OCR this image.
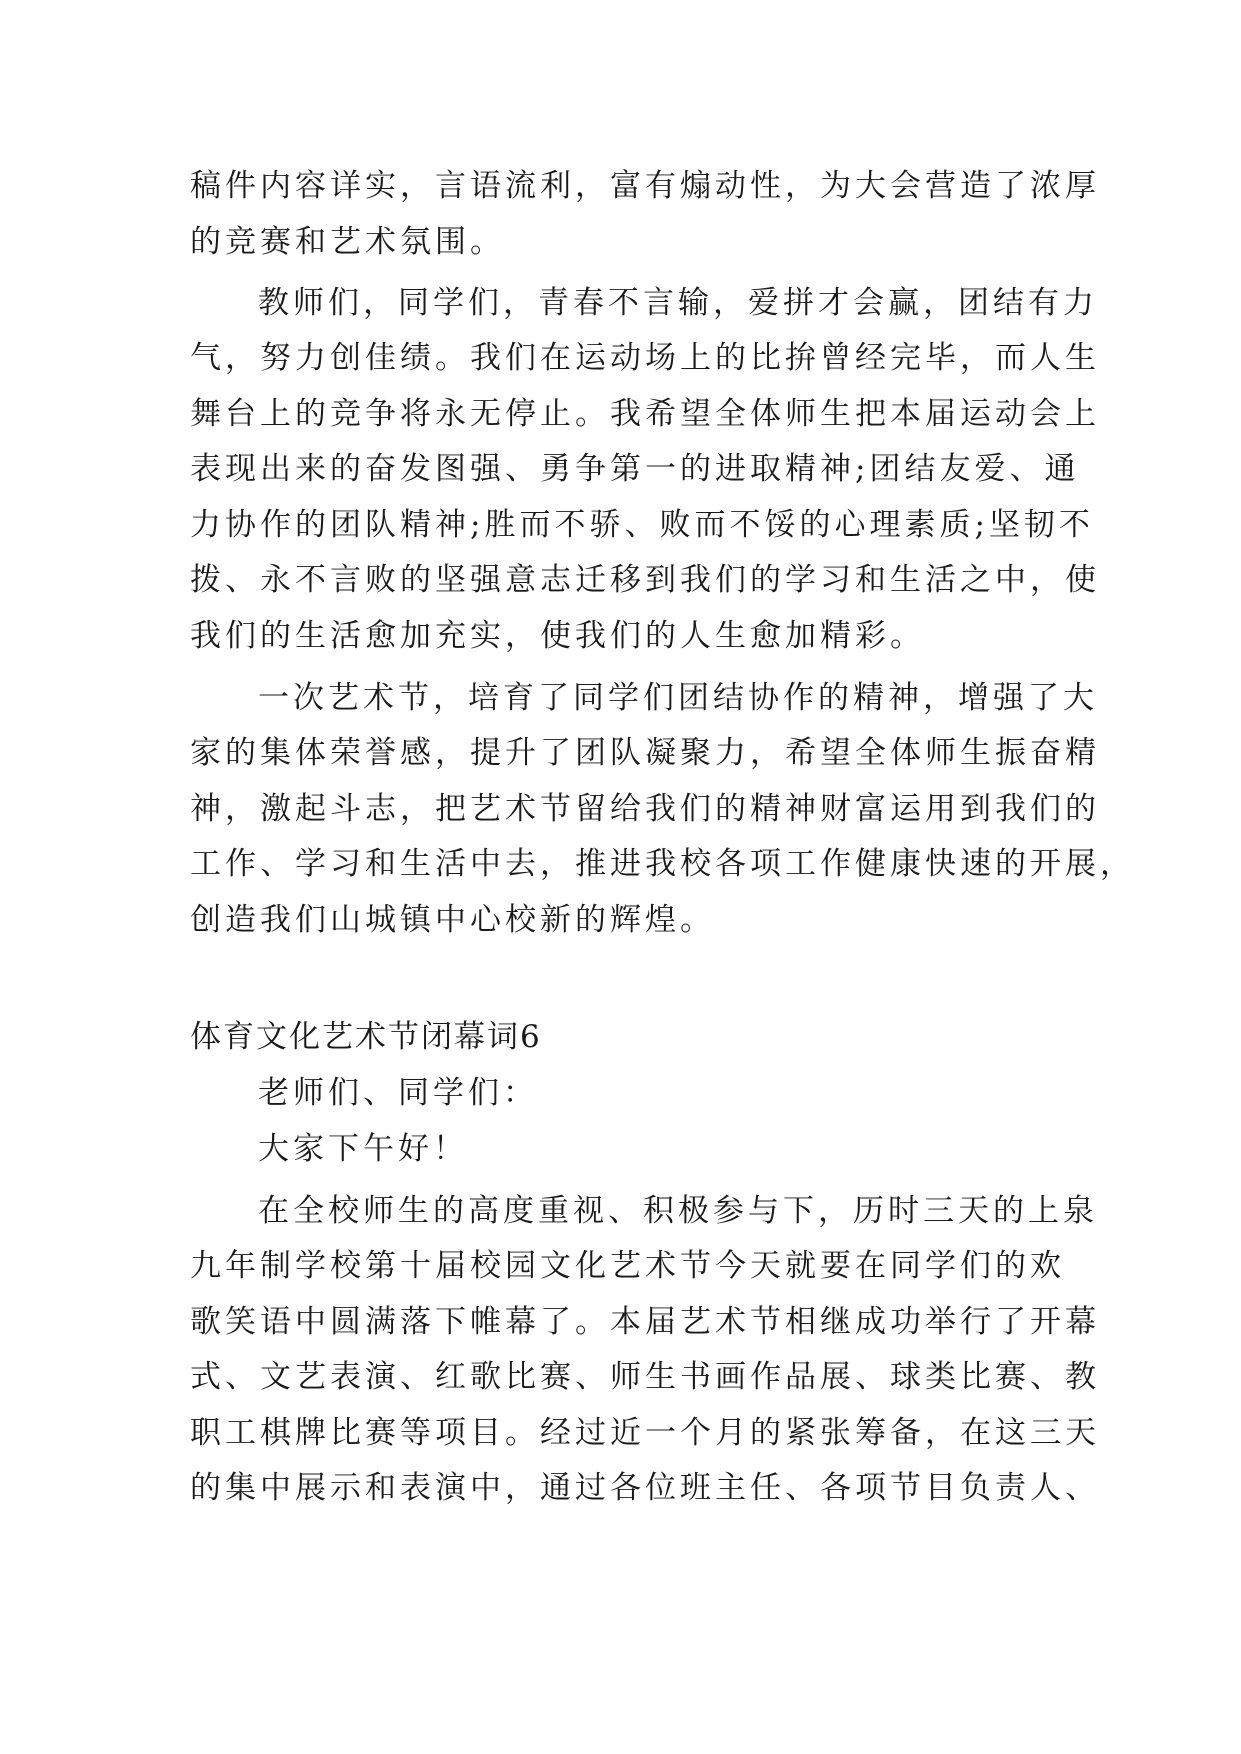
稿件内容详实，言语流利，富有煽动性，为大会营造了浓厚
的竞赛和艺术氛围。
教师们，同学们，青春不言输，爱拼才会赢，团结有力
气，努力创佳绩。我们在运动场上的比拚曾经完毕，而人生
舞台上的竞争将永无停止。我希望全体师生把本届运动会上
表现出来的奋发图强、勇争第一的进取精神;团结友爱、通
力协作的团队精神;胜而不骄、败而不馁的心理素质;坚韧不
拨、永不言败的坚强意志迁移到我们的学习和生活之中，使
我们的生活愈加充实，使我们的人生愈加精彩。
一次艺术节，培育了同学们团结协作的精神，增强了大
家的集体荣誉感，提升了团队凝聚力，希望全体师生振奋精
神，激起斗志，把艺术节留给我们的精神财富运用到我们的
工作、学习和生活中去，推进我校各项工作健康快速的开展，
创造我们山城镇中心校新的辉煌。
体育文化艺术节闭幕词6
老师们、同学们：
大家下午好！
在全校师生的高度重视、积极参与下，历时三天的上泉
九年制学校第十届校园文化艺术节今天就要在同学们的欢
歌笑语中圆满落下帷幕了。本届艺术节相继成功举行了开幕
式、文艺表演、红歌比赛、师生书画作品展、球类比赛、教
职工棋牌比赛等项目。经过近一个月的紧张筹备，在这三天
的集中展示和表演中，通过各位班主任、各项节目负责人、
